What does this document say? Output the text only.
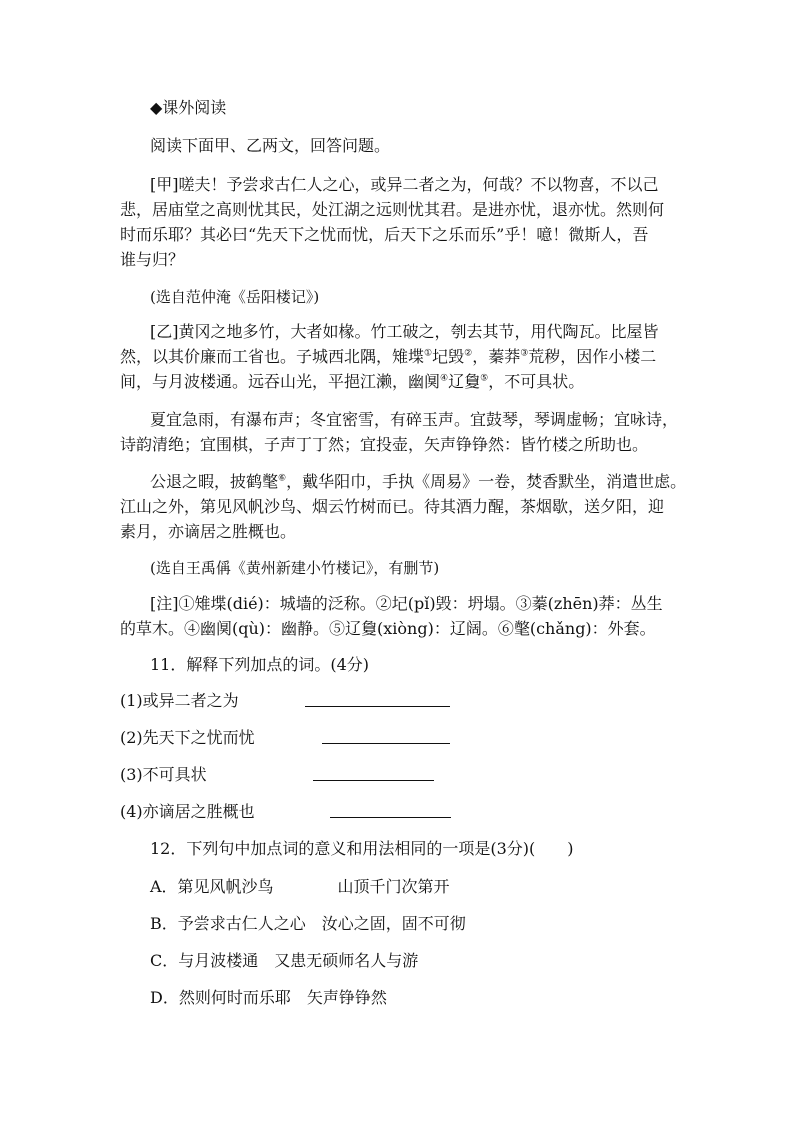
◆课外阅读
阅读下面甲、乙两文，回答问题。
[甲]嗟夫！予尝求古仁人之心，或异二者之为，何哉？不以物喜，不以己
悲，居庙堂之高则忧其民，处江湖之远则忧其君。是进亦忧，退亦忧。然则何
时而乐耶？其必曰“先天下之忧而忧，后天下之乐而乐”乎！噫！微斯人，吾
谁与归？
(选自范仲淹《岳阳楼记》)
[乙]黄冈之地多竹，大者如椽。竹工破之，刳去其节，用代陶瓦。比屋皆
然，以其价廉而工省也。子城西北隅，雉堞①圮毁②，蓁莽③荒秽，因作小楼二
间，与月波楼通。远吞山光，平挹江濑，幽阒④辽敻⑤，不可具状。
夏宜急雨，有瀑布声；冬宜密雪，有碎玉声。宜鼓琴，琴调虚畅；宜咏诗，
诗韵清绝；宜围棋，子声丁丁然；宜投壶，矢声铮铮然：皆竹楼之所助也。
公退之暇，披鹤氅⑥，戴华阳巾，手执《周易》一卷，焚香默坐，消遣世虑。
江山之外，第见风帆沙鸟、烟云竹树而已。待其酒力醒，茶烟歇，送夕阳，迎
素月，亦谪居之胜概也。
(选自王禹偁《黄州新建小竹楼记》，有删节)
[注]①雉堞(dié)：城墙的泛称。②圮(pǐ)毁：坍塌。③蓁(zhēn)莽：丛生
的草木。④幽阒(qù)：幽静。⑤辽敻(xiòng)：辽阔。⑥氅(chǎng)：外套。
11．解释下列加点的词。(4分)
(1)或异二者之为
(2)先天下之忧而忧
(3)不可具状
(4)亦谪居之胜概也
12．下列句中加点词的意义和用法相同的一项是(3分)(　　)
A．第见风帆沙鸟　　　　山顶千门次第开
B．予尝求古仁人之心　汝心之固，固不可彻
C．与月波楼通　又患无硕师名人与游
D．然则何时而乐耶　矢声铮铮然
